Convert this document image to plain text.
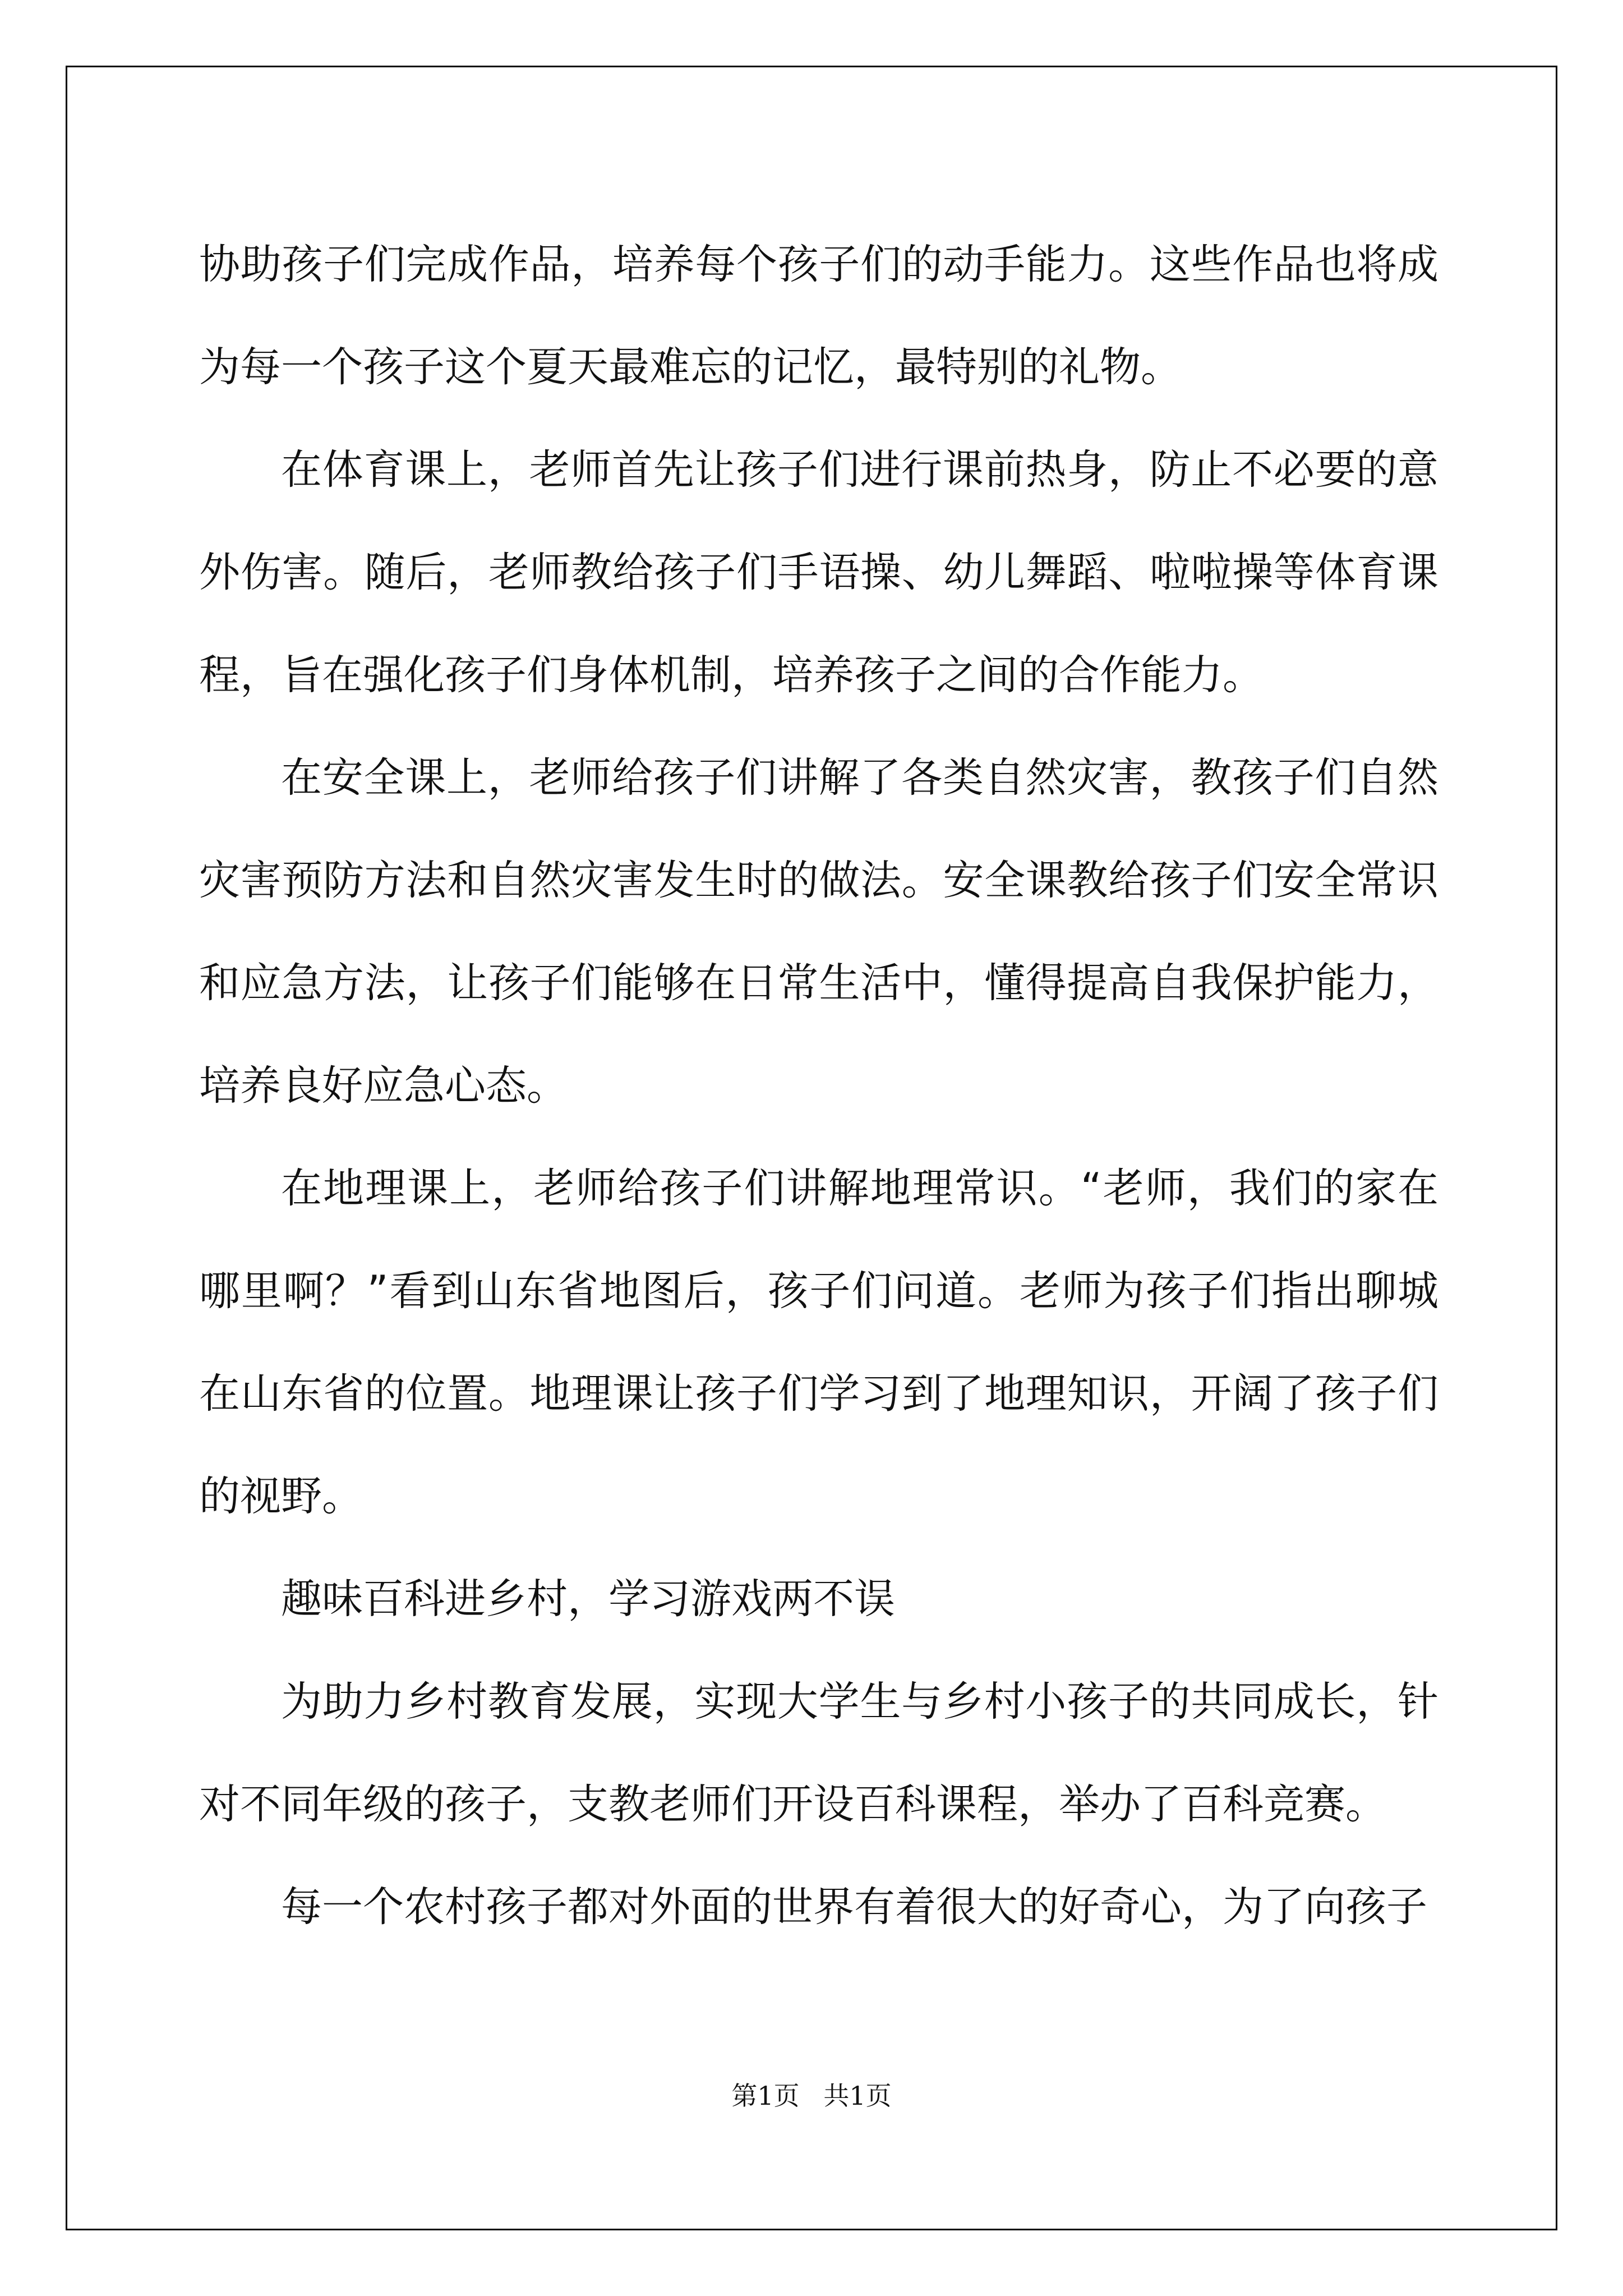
协助孩子们完成作品，培养每个孩子们的动手能力。这些作品也将成为每一个孩子这个夏天最难忘的记忆，最特别的礼物。

在体育课上，老师首先让孩子们进行课前热身，防止不必要的意外伤害。随后，老师教给孩子们手语操、幼儿舞蹈、啦啦操等体育课程，旨在强化孩子们身体机制，培养孩子之间的合作能力。

在安全课上，老师给孩子们讲解了各类自然灾害，教孩子们自然灾害预防方法和自然灾害发生时的做法。安全课教给孩子们安全常识和应急方法，让孩子们能够在日常生活中，懂得提高自我保护能力，培养良好应急心态。

在地理课上，老师给孩子们讲解地理常识。“老师，我们的家在哪里啊？”看到山东省地图后，孩子们问道。老师为孩子们指出聊城在山东省的位置。地理课让孩子们学习到了地理知识，开阔了孩子们的视野。

趣味百科进乡村，学习游戏两不误

为助力乡村教育发展，实现大学生与乡村小孩子的共同成长，针对不同年级的孩子，支教老师们开设百科课程，举办了百科竞赛。

每一个农村孩子都对外面的世界有着很大的好奇心，为了向孩子

第1页 共1页
